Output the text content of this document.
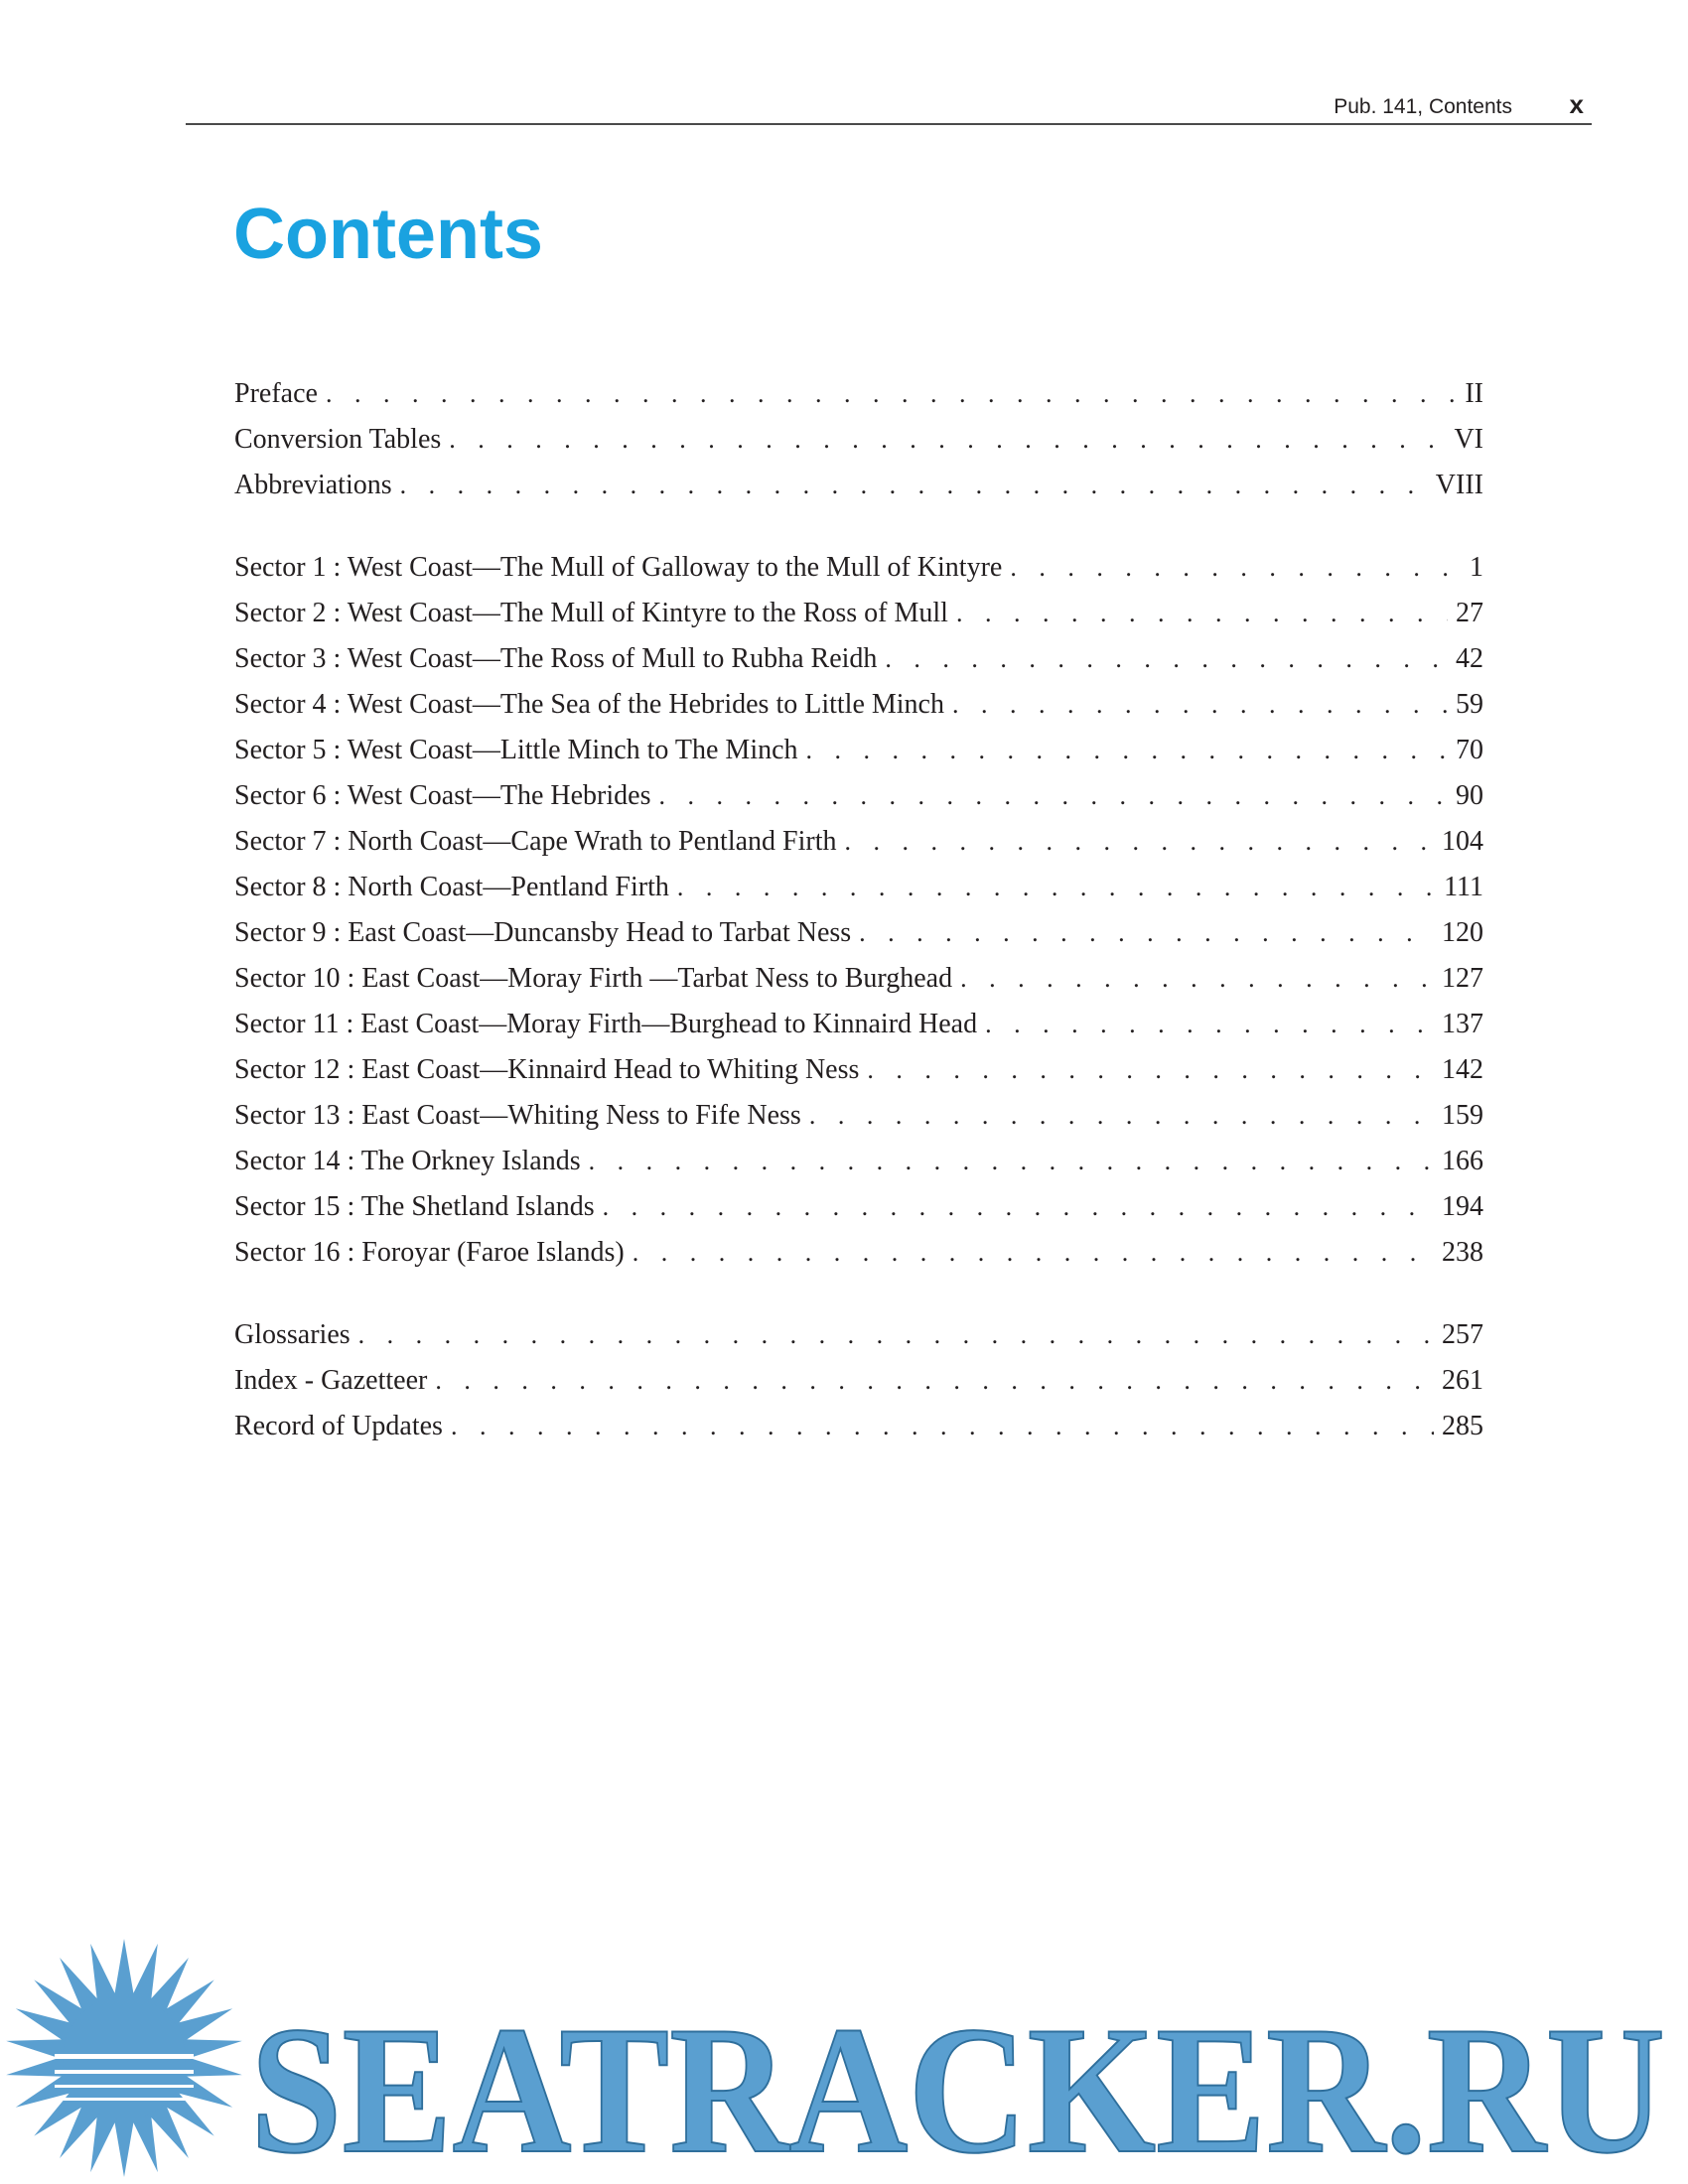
Pub. 141, Contents x
Contents
Preface . . .	II
Conversion Tables . . .	VI
Abbreviations . . .	VIII
Sector 1 : West Coast—The Mull of Galloway to the Mull of Kintyre . . .	1
Sector 2 : West Coast—The Mull of Kintyre to the Ross of Mull . . .	27
Sector 3 : West Coast—The Ross of Mull to Rubha Reidh . . .	42
Sector 4 : West Coast—The Sea of the Hebrides to Little Minch . . .	59
Sector 5 : West Coast—Little Minch to The Minch . . .	70
Sector 6 : West Coast—The Hebrides . . .	90
Sector 7 : North Coast—Cape Wrath to Pentland Firth . . .	104
Sector 8 : North Coast—Pentland Firth . . .	111
Sector 9 : East Coast—Duncansby Head to Tarbat Ness . . .	120
Sector 10 : East Coast—Moray Firth —Tarbat Ness to Burghead . . .	127
Sector 11 : East Coast—Moray Firth—Burghead to Kinnaird Head . . .	137
Sector 12 : East Coast—Kinnaird Head to Whiting Ness . . .	142
Sector 13 : East Coast—Whiting Ness to Fife Ness . . .	159
Sector 14 : The Orkney Islands . . .	166
Sector 15 : The Shetland Islands . . .	194
Sector 16 : Foroyar (Faroe Islands) . . .	238
Glossaries . . .	257
Index - Gazetteer . . .	261
Record of Updates . . .	285
SEATRACKER.RU
